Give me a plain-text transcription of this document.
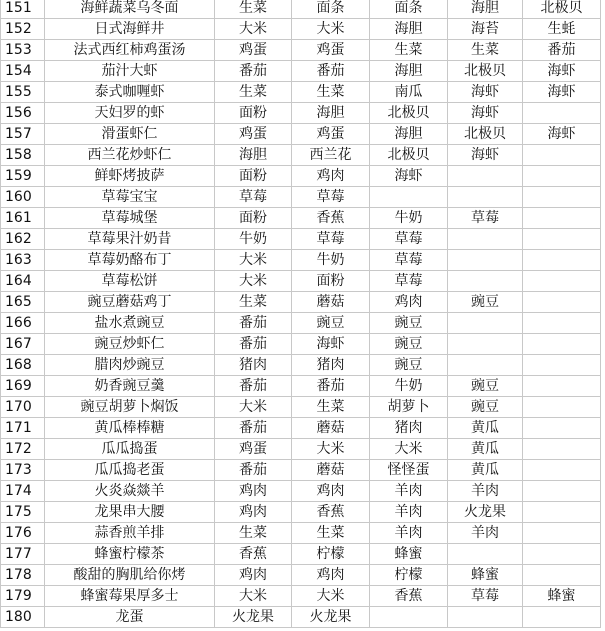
151	海鲜蔬菜乌冬面	生菜	面条	面条	海胆	北极贝
152	日式海鲜井	大米	大米	海胆	海苔	生蚝
153	法式西红柿鸡蛋汤	鸡蛋	鸡蛋	生菜	生菜	番茄
154	茄汁大虾	番茄	番茄	海胆	北极贝	海虾
155	泰式咖喱虾	生菜	生菜	南瓜	海虾	海虾
156	天妇罗的虾	面粉	海胆	北极贝	海虾	
157	滑蛋虾仁	鸡蛋	鸡蛋	海胆	北极贝	海虾
158	西兰花炒虾仁	海胆	西兰花	北极贝	海虾	
159	鲜虾烤披萨	面粉	鸡肉	海虾		
160	草莓宝宝	草莓	草莓			
161	草莓城堡	面粉	香蕉	牛奶	草莓	
162	草莓果汁奶昔	牛奶	草莓	草莓		
163	草莓奶酪布丁	大米	牛奶	草莓		
164	草莓松饼	大米	面粉	草莓		
165	豌豆蘑菇鸡丁	生菜	蘑菇	鸡肉	豌豆	
166	盐水煮豌豆	番茄	豌豆	豌豆		
167	豌豆炒虾仁	番茄	海虾	豌豆		
168	腊肉炒豌豆	猪肉	猪肉	豌豆		
169	奶香豌豆羹	番茄	番茄	牛奶	豌豆	
170	豌豆胡萝卜焖饭	大米	生菜	胡萝卜	豌豆	
171	黄瓜棒棒糖	番茄	蘑菇	猪肉	黄瓜	
172	瓜瓜捣蛋	鸡蛋	大米	大米	黄瓜	
173	瓜瓜捣老蛋	番茄	蘑菇	怪怪蛋	黄瓜	
174	火炎焱燚羊	鸡肉	鸡肉	羊肉	羊肉	
175	龙果串大腰	鸡肉	香蕉	羊肉	火龙果	
176	蒜香煎羊排	生菜	生菜	羊肉	羊肉	
177	蜂蜜柠檬茶	香蕉	柠檬	蜂蜜		
178	酸甜的胸肌给你烤	鸡肉	鸡肉	柠檬	蜂蜜	
179	蜂蜜莓果厚多士	大米	大米	香蕉	草莓	蜂蜜
180	龙蛋	火龙果	火龙果			
